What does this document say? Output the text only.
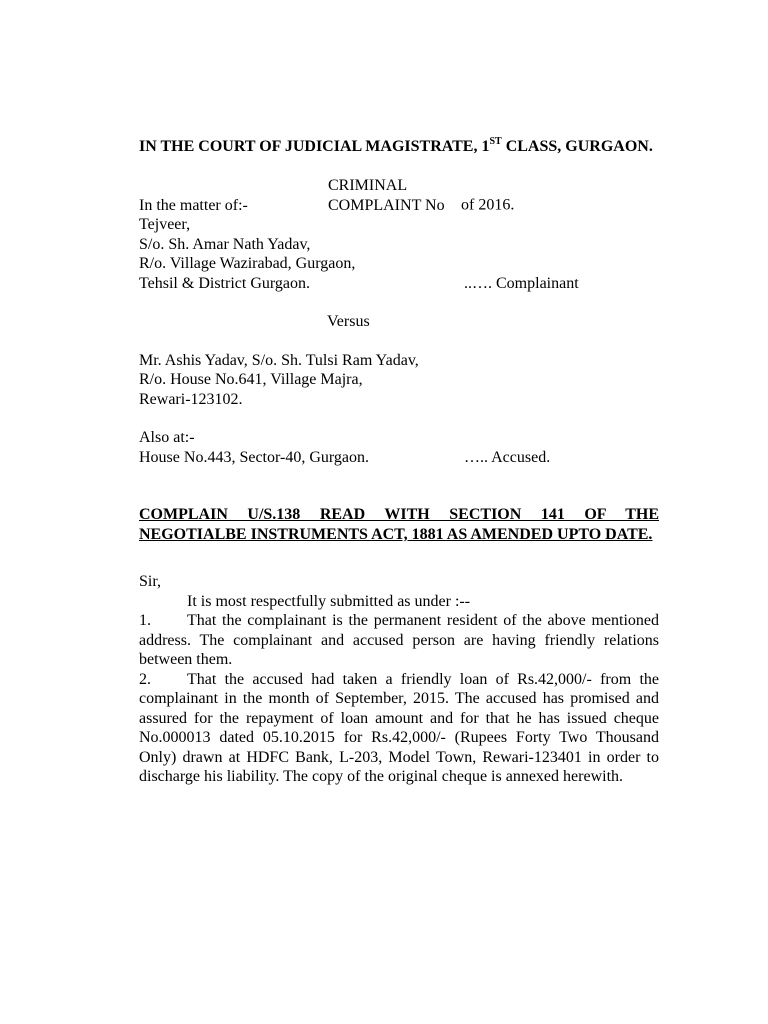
IN THE COURT OF JUDICIAL MAGISTRATE, 1ST CLASS, GURGAON.

CRIMINAL COMPLAINT No of 2016.
In the matter of:-
Tejveer,
S/o. Sh. Amar Nath Yadav,
R/o. Village Wazirabad, Gurgaon,
Tehsil & District Gurgaon.	..…. Complainant
Versus
Mr. Ashis Yadav, S/o. Sh. Tulsi Ram Yadav,
R/o. House No.641, Village Majra,
Rewari-123102.
Also at:-
House No.443, Sector-40, Gurgaon.	….. Accused.
COMPLAIN U/S.138 READ WITH SECTION 141 OF THE NEGOTIALBE INSTRUMENTS ACT, 1881 AS AMENDED UPTO DATE.
Sir,
It is most respectfully submitted as under :--

1. That the complainant is the permanent resident of the above mentioned address. The complainant and accused person are having friendly relations between them.

2. That the accused had taken a friendly loan of Rs.42,000/- from the complainant in the month of September, 2015. The accused has promised and assured for the repayment of loan amount and for that he has issued cheque No.000013 dated 05.10.2015 for Rs.42,000/- (Rupees Forty Two Thousand Only) drawn at HDFC Bank, L-203, Model Town, Rewari-123401 in order to discharge his liability. The copy of the original cheque is annexed herewith.
